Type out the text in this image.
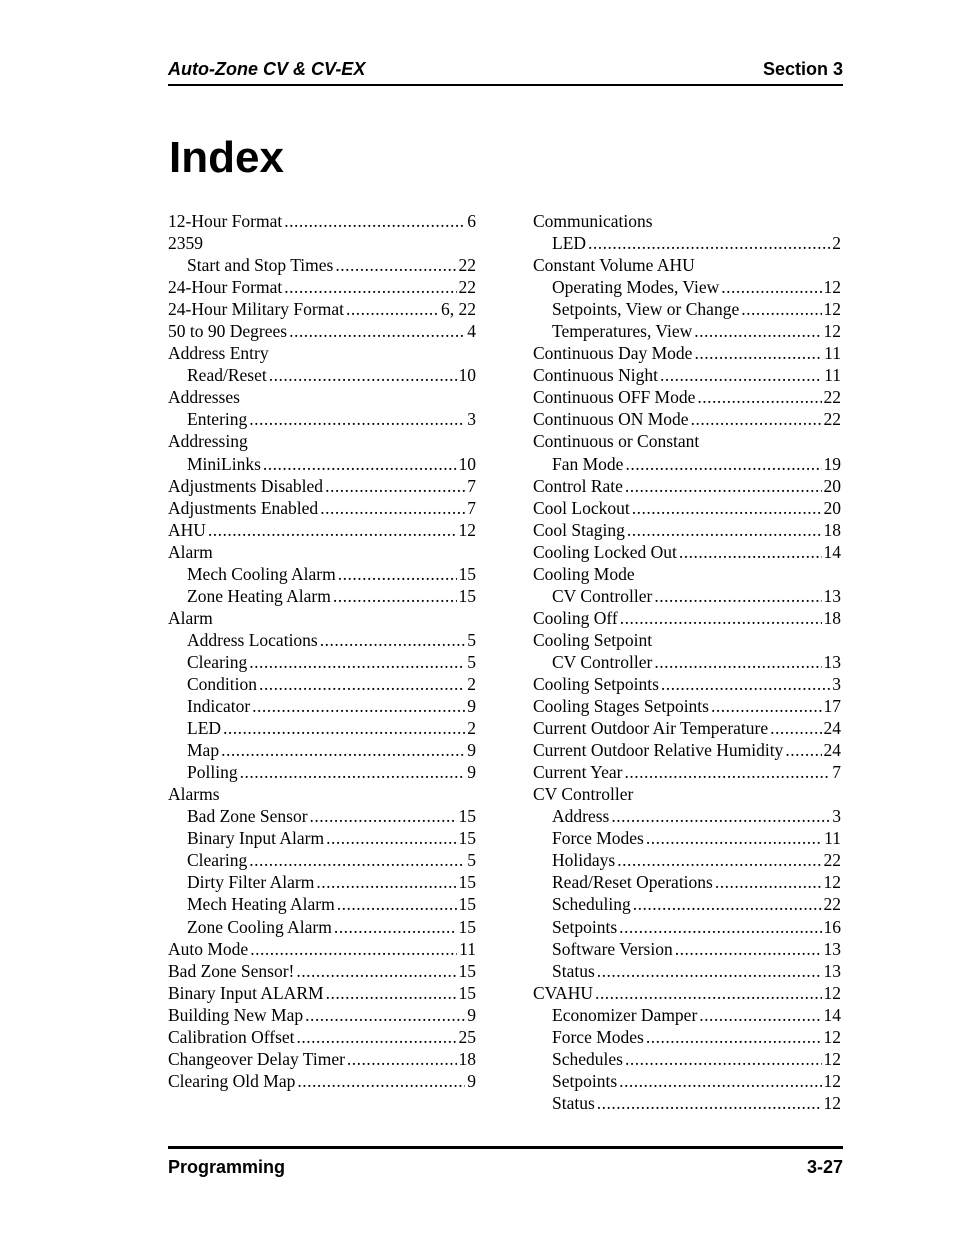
Auto-Zone CV & CV-EX	Section 3
Index
12-Hour Format .....	6
2359
Start and Stop Times .....	22
24-Hour Format .....	22
24-Hour Military Format .....	6, 22
50 to 90 Degrees .....	4
Address Entry
Read/Reset .....	10
Addresses
Entering .....	3
Addressing
MiniLinks .....	10
Adjustments Disabled .....	7
Adjustments Enabled .....	7
AHU .....	12
Alarm
Mech Cooling Alarm .....	15
Zone Heating Alarm .....	15
Alarm
Address Locations .....	5
Clearing .....	5
Condition .....	2
Indicator .....	9
LED .....	2
Map .....	9
Polling .....	9
Alarms
Bad Zone Sensor .....	15
Binary Input Alarm .....	15
Clearing .....	5
Dirty Filter Alarm .....	15
Mech Heating Alarm .....	15
Zone Cooling Alarm .....	15
Auto Mode .....	11
Bad Zone Sensor! .....	15
Binary Input ALARM .....	15
Building New Map .....	9
Calibration Offset .....	25
Changeover Delay Timer .....	18
Clearing Old Map .....	9
Communications
LED .....	2
Constant Volume AHU
Operating Modes, View .....	12
Setpoints, View or Change .....	12
Temperatures, View .....	12
Continuous Day Mode .....	11
Continuous Night .....	11
Continuous OFF Mode .....	22
Continuous ON Mode .....	22
Continuous or Constant
Fan Mode .....	19
Control Rate .....	20
Cool Lockout .....	20
Cool Staging .....	18
Cooling Locked Out .....	14
Cooling Mode
CV Controller .....	13
Cooling Off .....	18
Cooling Setpoint
CV Controller .....	13
Cooling Setpoints .....	3
Cooling Stages Setpoints .....	17
Current Outdoor Air Temperature .....	24
Current Outdoor Relative Humidity ..... 24
Current Year .....	7
CV Controller
Address .....	3
Force Modes .....	11
Holidays .....	22
Read/Reset Operations .....	12
Scheduling .....	22
Setpoints .....	16
Software Version .....	13
Status .....	13
CVAHU .....	12
Economizer Damper .....	14
Force Modes .....	12
Schedules .....	12
Setpoints .....	12
Status .....	12
Programming	3-27
